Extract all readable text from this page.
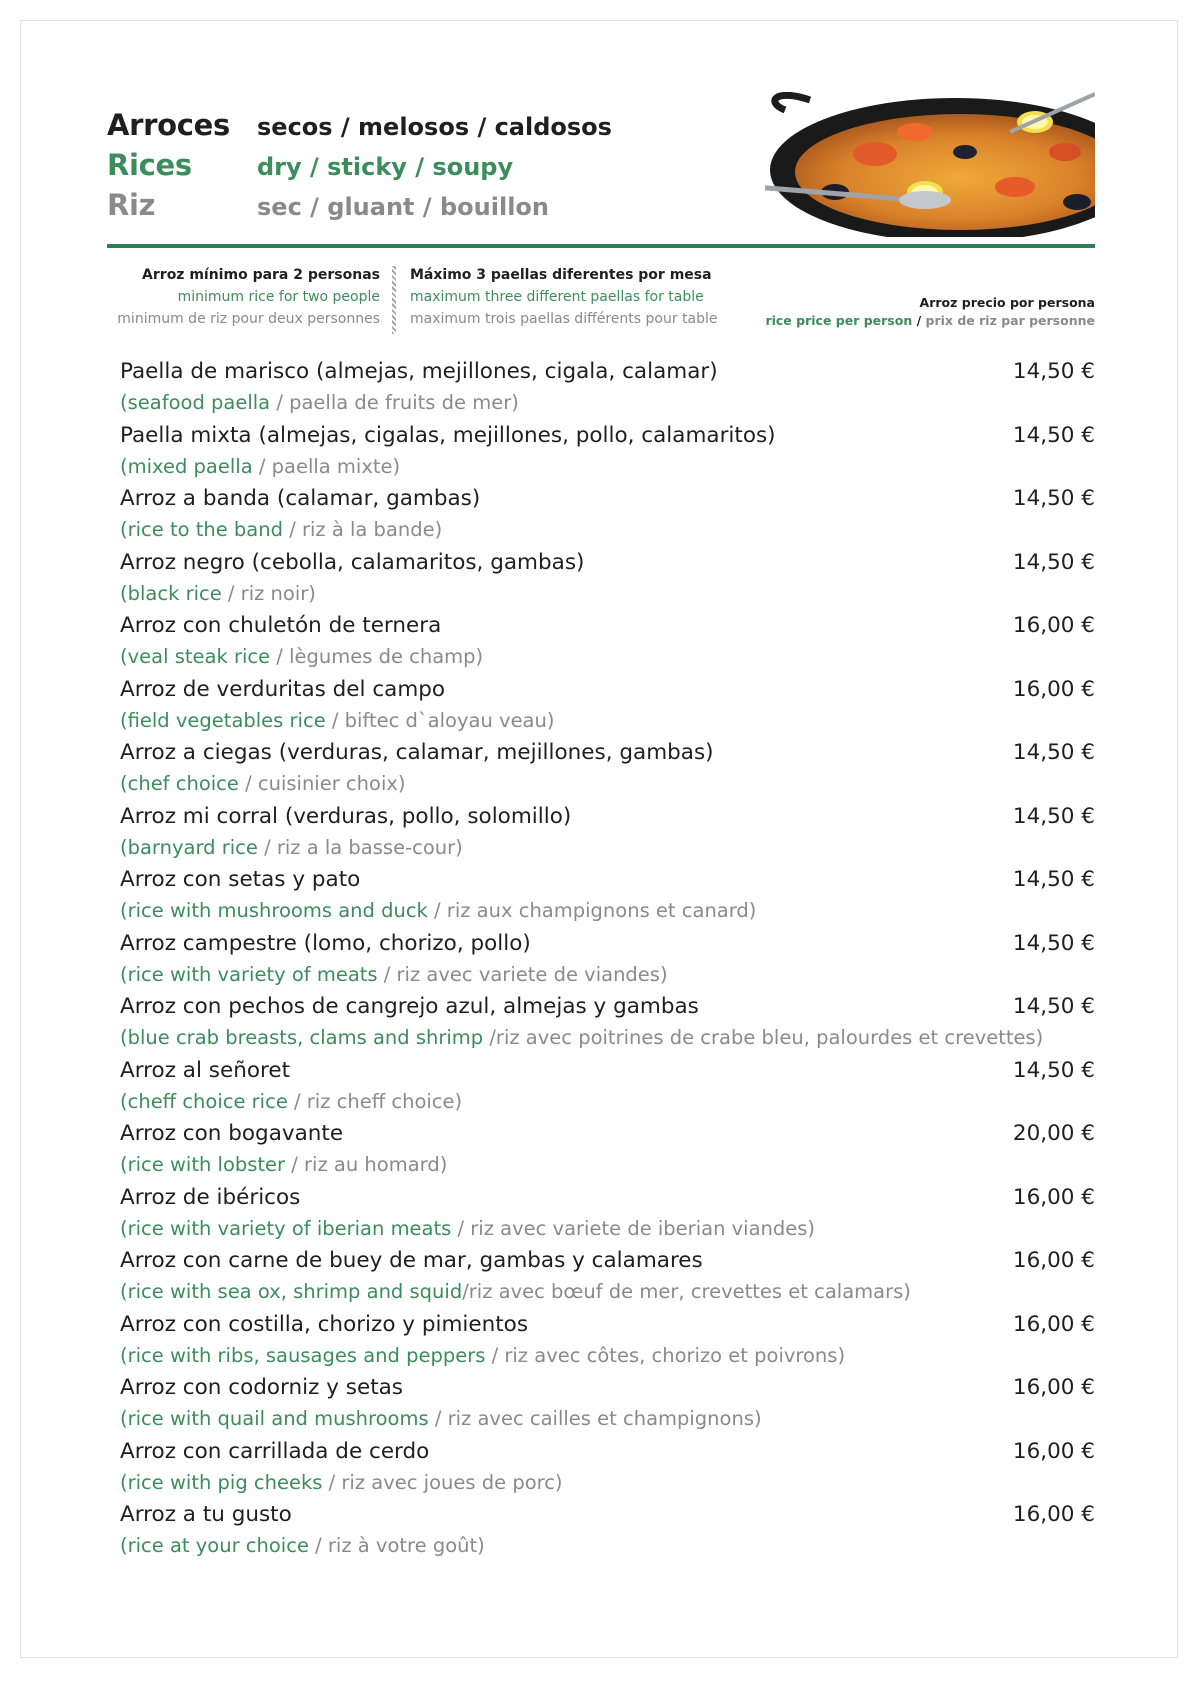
Arroces	secos / melosos / caldosos
Rices	dry / sticky / soupy
Riz	sec / gluant / bouillon
Arroz mínimo para 2 personas
minimum rice for two people
minimum de riz pour deux personnes
Máximo 3 paellas diferentes por mesa
maximum three different paellas for table
maximum trois paellas différents pour table
Arroz precio por persona
rice price per person / prix de riz par personne
Paella de marisco (almejas, mejillones, cigala, calamar)	14,50 €
(seafood paella / paella de fruits de mer)
Paella mixta (almejas, cigalas, mejillones, pollo, calamaritos)	14,50 €
(mixed paella / paella mixte)
Arroz a banda (calamar, gambas)	14,50 €
(rice to the band / riz à la bande)
Arroz negro (cebolla, calamaritos, gambas)	14,50 €
(black rice / riz noir)
Arroz con chuletón de ternera	16,00 €
(veal steak rice / lègumes de champ)
Arroz de verduritas del campo	16,00 €
(field vegetables rice / biftec d`aloyau veau)
Arroz a ciegas (verduras, calamar, mejillones, gambas)	14,50 €
(chef choice / cuisinier choix)
Arroz mi corral (verduras, pollo, solomillo)	14,50 €
(barnyard rice / riz a la basse-cour)
Arroz con setas y pato	14,50 €
(rice with mushrooms and duck / riz aux champignons et canard)
Arroz campestre (lomo, chorizo, pollo)	14,50 €
(rice with variety of meats / riz avec variete de viandes)
Arroz con pechos de cangrejo azul, almejas y gambas	14,50 €
(blue crab breasts, clams and shrimp /riz avec poitrines de crabe bleu, palourdes et crevettes)
Arroz al señoret	14,50 €
(cheff choice rice / riz cheff choice)
Arroz con bogavante	20,00 €
(rice with lobster / riz au homard)
Arroz de ibéricos	16,00 €
(rice with variety of iberian meats / riz avec variete de iberian viandes)
Arroz con carne de buey de mar, gambas y calamares	16,00 €
(rice with sea ox, shrimp and squid/riz avec bœuf de mer, crevettes et calamars)
Arroz con costilla, chorizo y pimientos	16,00 €
(rice with ribs, sausages and peppers / riz avec côtes, chorizo et poivrons)
Arroz con codorniz y setas	16,00 €
(rice with quail and mushrooms / riz avec cailles et champignons)
Arroz con carrillada de cerdo	16,00 €
(rice with pig cheeks / riz avec joues de porc)
Arroz a tu gusto	16,00 €
(rice at your choice / riz à votre goût)
